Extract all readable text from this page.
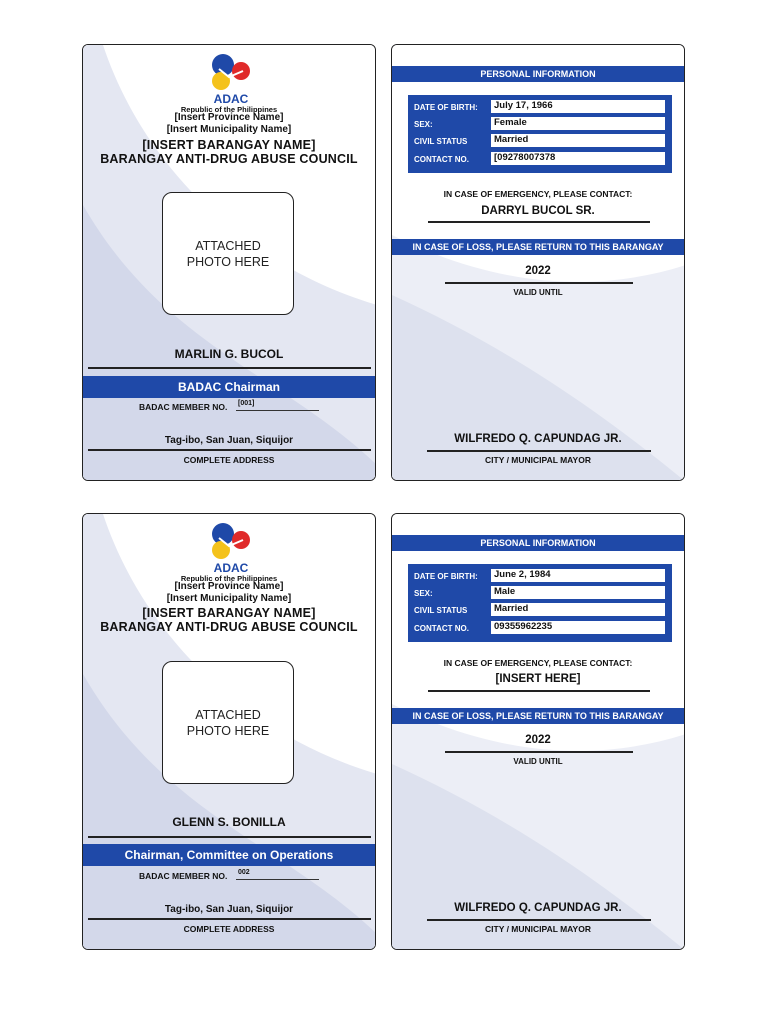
ADAC
Republic of the Philippines
[Insert Province Name]
[Insert Municipality Name]
[INSERT BARANGAY NAME]
BARANGAY ANTI-DRUG ABUSE COUNCIL
ATTACHED PHOTO HERE
MARLIN G. BUCOL
BADAC Chairman
BADAC MEMBER NO. [001]
Tag-ibo, San Juan, Siquijor
COMPLETE ADDRESS
PERSONAL INFORMATION
DATE OF BIRTH:	July 17, 1966
SEX:	Female
CIVIL STATUS	Married
CONTACT NO.	[09278007378
IN CASE OF EMERGENCY, PLEASE CONTACT:
DARRYL BUCOL SR.
IN CASE OF LOSS, PLEASE RETURN TO THIS BARANGAY
2022
VALID UNTIL
WILFREDO Q. CAPUNDAG JR.
CITY / MUNICIPAL MAYOR
ADAC
Republic of the Philippines
[Insert Province Name]
[Insert Municipality Name]
[INSERT BARANGAY NAME]
BARANGAY ANTI-DRUG ABUSE COUNCIL
ATTACHED PHOTO HERE
GLENN S. BONILLA
Chairman, Committee on Operations
BADAC MEMBER NO. 002
Tag-ibo, San Juan, Siquijor
COMPLETE ADDRESS
PERSONAL INFORMATION
DATE OF BIRTH:	June 2, 1984
SEX:	Male
CIVIL STATUS	Married
CONTACT NO.	09355962235
IN CASE OF EMERGENCY, PLEASE CONTACT:
[INSERT HERE]
IN CASE OF LOSS, PLEASE RETURN TO THIS BARANGAY
2022
VALID UNTIL
WILFREDO Q. CAPUNDAG JR.
CITY / MUNICIPAL MAYOR
